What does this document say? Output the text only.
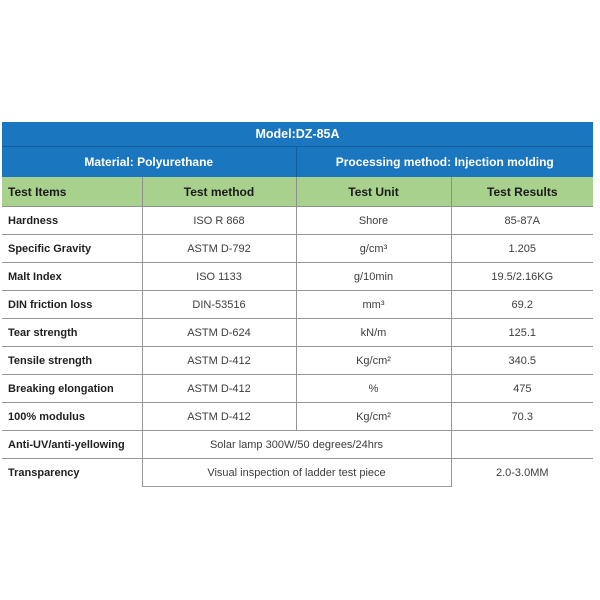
Model:DZ-85A			
Material: Polyurethane		Processing method: Injection molding	
Test Items	Test method	Test Unit	Test Results
Hardness	ISO R 868	Shore	85-87A
Specific Gravity	ASTM D-792	g/cm³	1.205
Malt Index	ISO 1133	g/10min	19.5/2.16KG
DIN friction loss	DIN-53516	mm³	69.2
Tear strength	ASTM D-624	kN/m	125.1
Tensile strength	ASTM D-412	Kg/cm²	340.5
Breaking elongation	ASTM D-412	%	475
100% modulus	ASTM D-412	Kg/cm²	70.3
Anti-UV/anti-yellowing	Solar lamp 300W/50 degrees/24hrs		
Transparency	Visual inspection of ladder test piece		2.0-3.0MM
